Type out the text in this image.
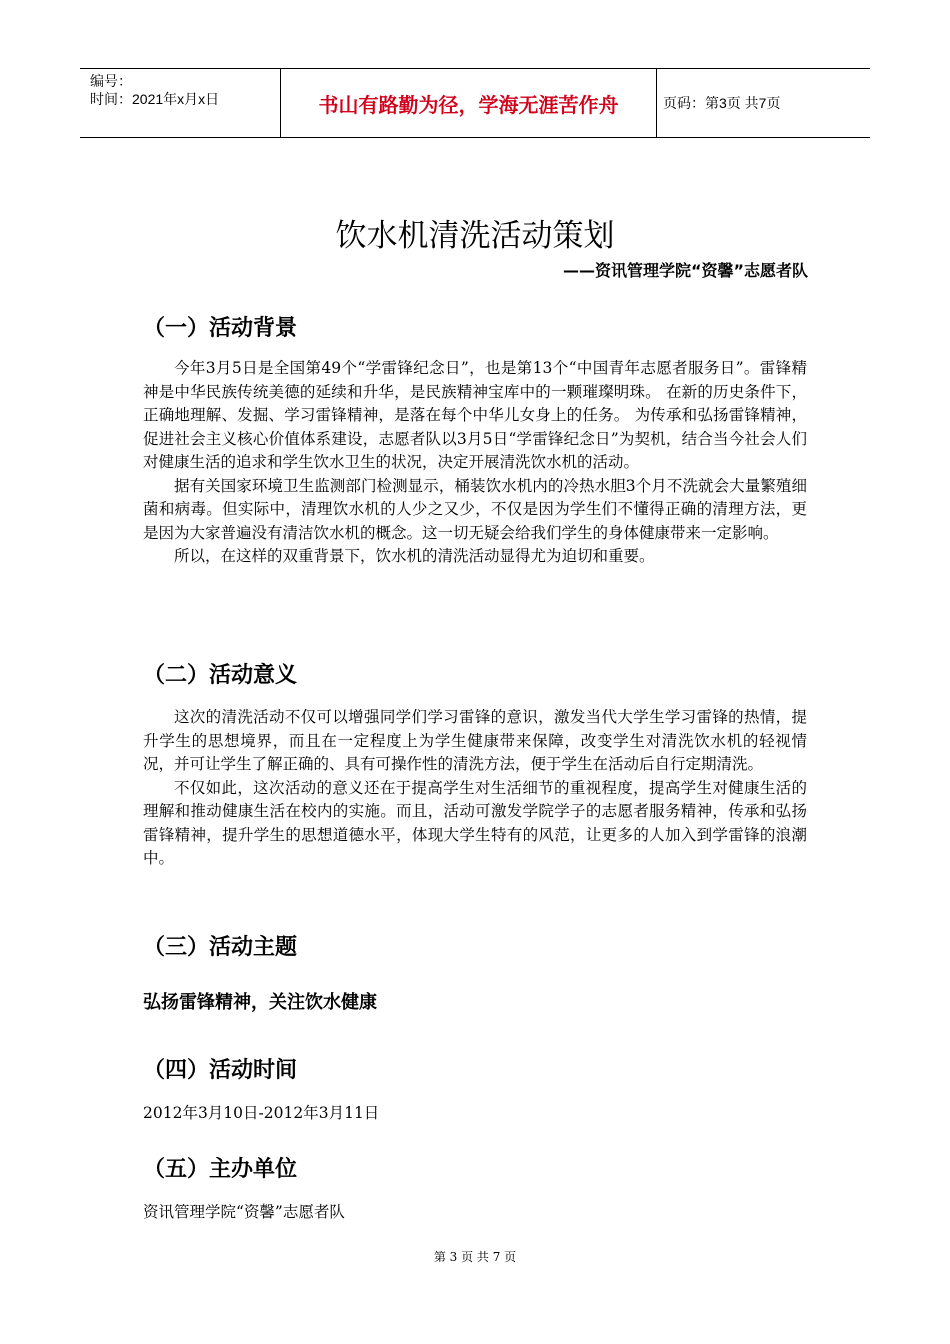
编号：
时间：2021年x月x日	书山有路勤为径，学海无涯苦作舟	页码：第3页 共7页
饮水机清洗活动策划
——资讯管理学院“资馨”志愿者队
（一）活动背景
今年3月5日是全国第49个“学雷锋纪念日”，也是第13个“中国青年志愿者服务日”。雷锋精神是中华民族传统美德的延续和升华，是民族精神宝库中的一颗璀璨明珠。 在新的历史条件下，正确地理解、发掘、学习雷锋精神，是落在每个中华儿女身上的任务。 为传承和弘扬雷锋精神，促进社会主义核心价值体系建设，志愿者队以3月5日“学雷锋纪念日”为契机，结合当今社会人们对健康生活的追求和学生饮水卫生的状况，决定开展清洗饮水机的活动。
据有关国家环境卫生监测部门检测显示，桶装饮水机内的冷热水胆3个月不洗就会大量繁殖细菌和病毒。但实际中，清理饮水机的人少之又少，不仅是因为学生们不懂得正确的清理方法，更是因为大家普遍没有清洁饮水机的概念。这一切无疑会给我们学生的身体健康带来一定影响。
所以，在这样的双重背景下，饮水机的清洗活动显得尤为迫切和重要。
（二）活动意义
这次的清洗活动不仅可以增强同学们学习雷锋的意识，激发当代大学生学习雷锋的热情，提升学生的思想境界，而且在一定程度上为学生健康带来保障，改变学生对清洗饮水机的轻视情况，并可让学生了解正确的、具有可操作性的清洗方法，便于学生在活动后自行定期清洗。
不仅如此，这次活动的意义还在于提高学生对生活细节的重视程度，提高学生对健康生活的理解和推动健康生活在校内的实施。而且，活动可激发学院学子的志愿者服务精神，传承和弘扬雷锋精神，提升学生的思想道德水平，体现大学生特有的风范，让更多的人加入到学雷锋的浪潮中。
（三）活动主题
弘扬雷锋精神，关注饮水健康
（四）活动时间
2012年3月10日-2012年3月11日
（五）主办单位
资讯管理学院“资馨”志愿者队
第 3 页 共 7 页
